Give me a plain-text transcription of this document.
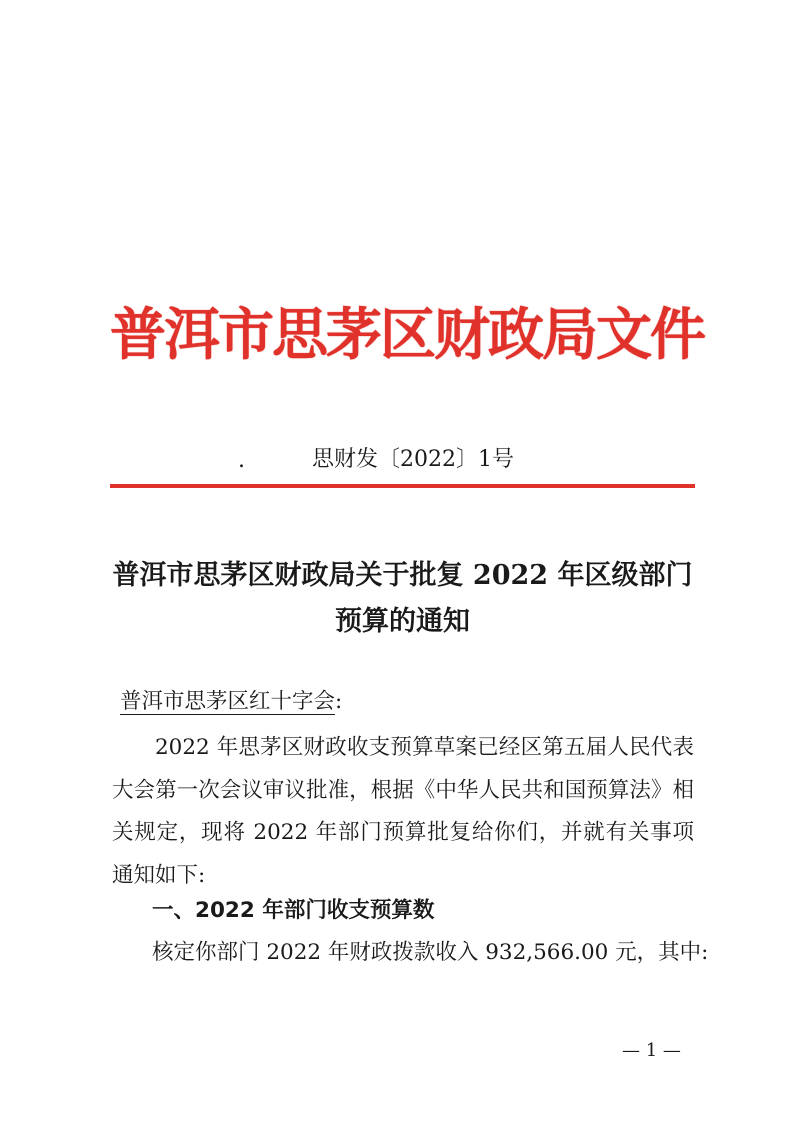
普洱市思茅区财政局文件
.	思财发〔2022〕1号
普洱市思茅区财政局关于批复 2022 年区级部门
预算的通知
普洱市思茅区红十字会:
2022 年思茅区财政收支预算草案已经区第五届人民代表大会第一次会议审议批准，根据《中华人民共和国预算法》相关规定，现将 2022 年部门预算批复给你们，并就有关事项通知如下:
一、2022 年部门收支预算数
核定你部门 2022 年财政拨款收入 932,566.00 元，其中:
— 1 —
